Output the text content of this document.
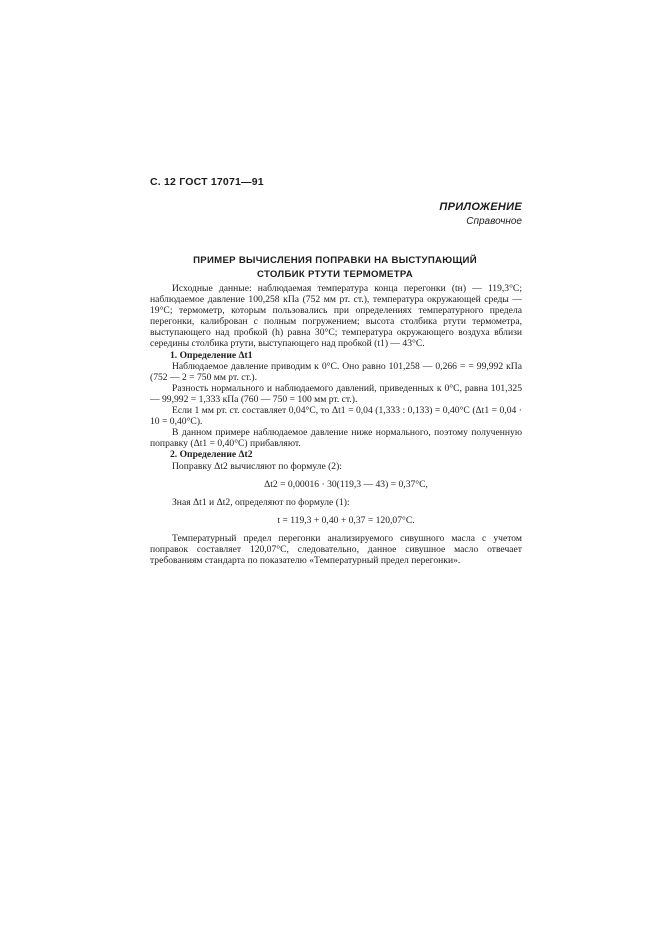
С. 12 ГОСТ 17071—91
ПРИЛОЖЕНИЕ
Справочное
ПРИМЕР ВЫЧИСЛЕНИЯ ПОПРАВКИ НА ВЫСТУПАЮЩИЙ
СТОЛБИК РТУТИ ТЕРМОМЕТРА

Исходные данные: наблюдаемая температура конца перегонки (tн) — 119,3°С; наблюдаемое давление 100,258 кПа (752 мм рт. ст.), температура окружающей среды — 19°С; термометр, которым пользовались при определениях температурного предела перегонки, калиброван с полным погружением; высота столбика ртути термометра, выступающего над пробкой (h) равна 30°С; температура окружающего воздуха вблизи середины столбика ртути, выступающего над пробкой (t1) — 43°С.

1. Определение Δt1

Наблюдаемое давление приводим к 0°С. Оно равно 101,258 — 0,266 = = 99,992 кПа (752 — 2 = 750 мм рт. ст.).

Разность нормального и наблюдаемого давлений, приведенных к 0°С, равна 101,325 — 99,992 = 1,333 кПа (760 — 750 = 100 мм рт. ст.).

Если 1 мм рт. ст. составляет 0,04°С, то Δt1 = 0,04 (1,333 : 0,133) = 0,40°С (Δt1 = 0,04 · 10 = 0,40°С).

В данном примере наблюдаемое давление ниже нормального, поэтому полученную поправку (Δt1 = 0,40°С) прибавляют.

2. Определение Δt2

Поправку Δt2 вычисляют по формуле (2):

Δt2 = 0,00016 · 30(119,3 — 43) = 0,37°С,

Зная Δt1 и Δt2, определяют по формуле (1):

t = 119,3 + 0,40 + 0,37 = 120,07°С.

Температурный предел перегонки анализируемого сивушного масла с учетом поправок составляет 120,07°С, следовательно, данное сивушное масло отвечает требованиям стандарта по показателю «Температурный предел перегонки».
